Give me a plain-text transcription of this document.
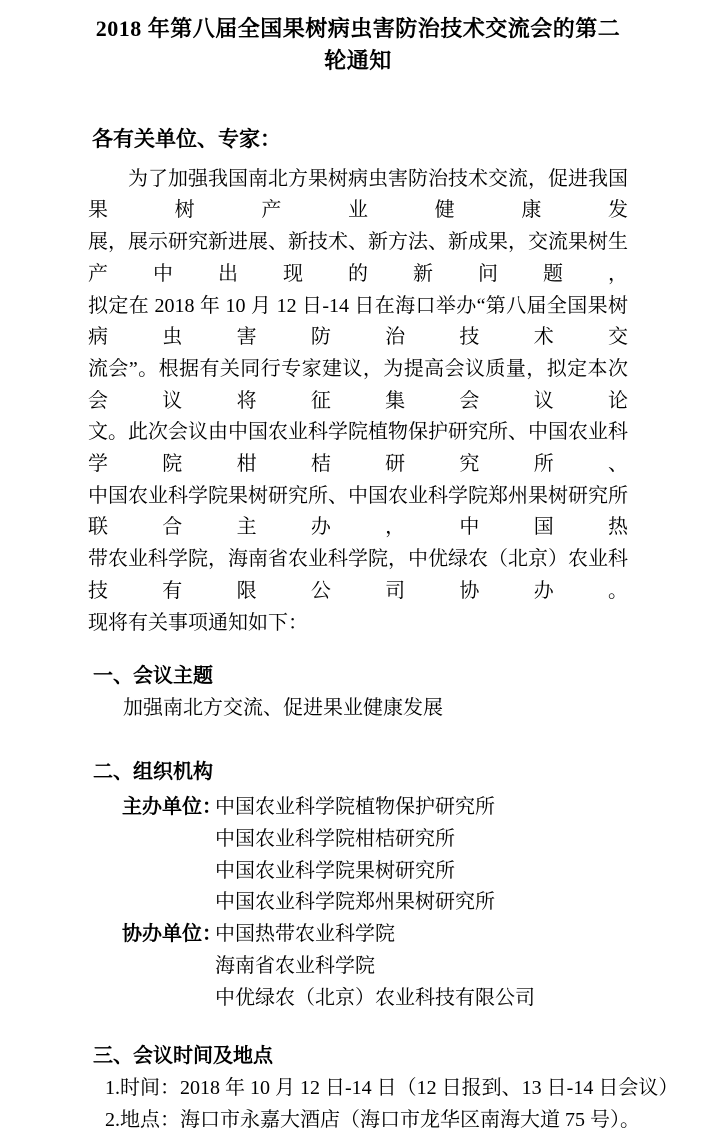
2018 年第八届全国果树病虫害防治技术交流会的第二轮通知
各有关单位、专家：
为了加强我国南北方果树病虫害防治技术交流，促进我国果树产业健康发
展，展示研究新进展、新技术、新方法、新成果，交流果树生产中出现的新问题，
拟定在 2018 年 10 月 12 日-14 日在海口举办“第八届全国果树病虫害防治技术交
流会”。根据有关同行专家建议，为提高会议质量，拟定本次会议将征集会议论
文。此次会议由中国农业科学院植物保护研究所、中国农业科学院柑桔研究所、
中国农业科学院果树研究所、中国农业科学院郑州果树研究所联合主办，中国热
带农业科学院，海南省农业科学院，中优绿农（北京）农业科技有限公司协办。
现将有关事项通知如下：
一、会议主题
加强南北方交流、促进果业健康发展
二、组织机构
主办单位：
中国农业科学院植物保护研究所
中国农业科学院柑桔研究所
中国农业科学院果树研究所
中国农业科学院郑州果树研究所
协办单位：
中国热带农业科学院
海南省农业科学院
中优绿农（北京）农业科技有限公司
三、会议时间及地点
1.时间：2018 年 10 月 12 日-14 日（12 日报到、13 日-14 日会议）
2.地点：海口市永嘉大酒店（海口市龙华区南海大道 75 号）。
